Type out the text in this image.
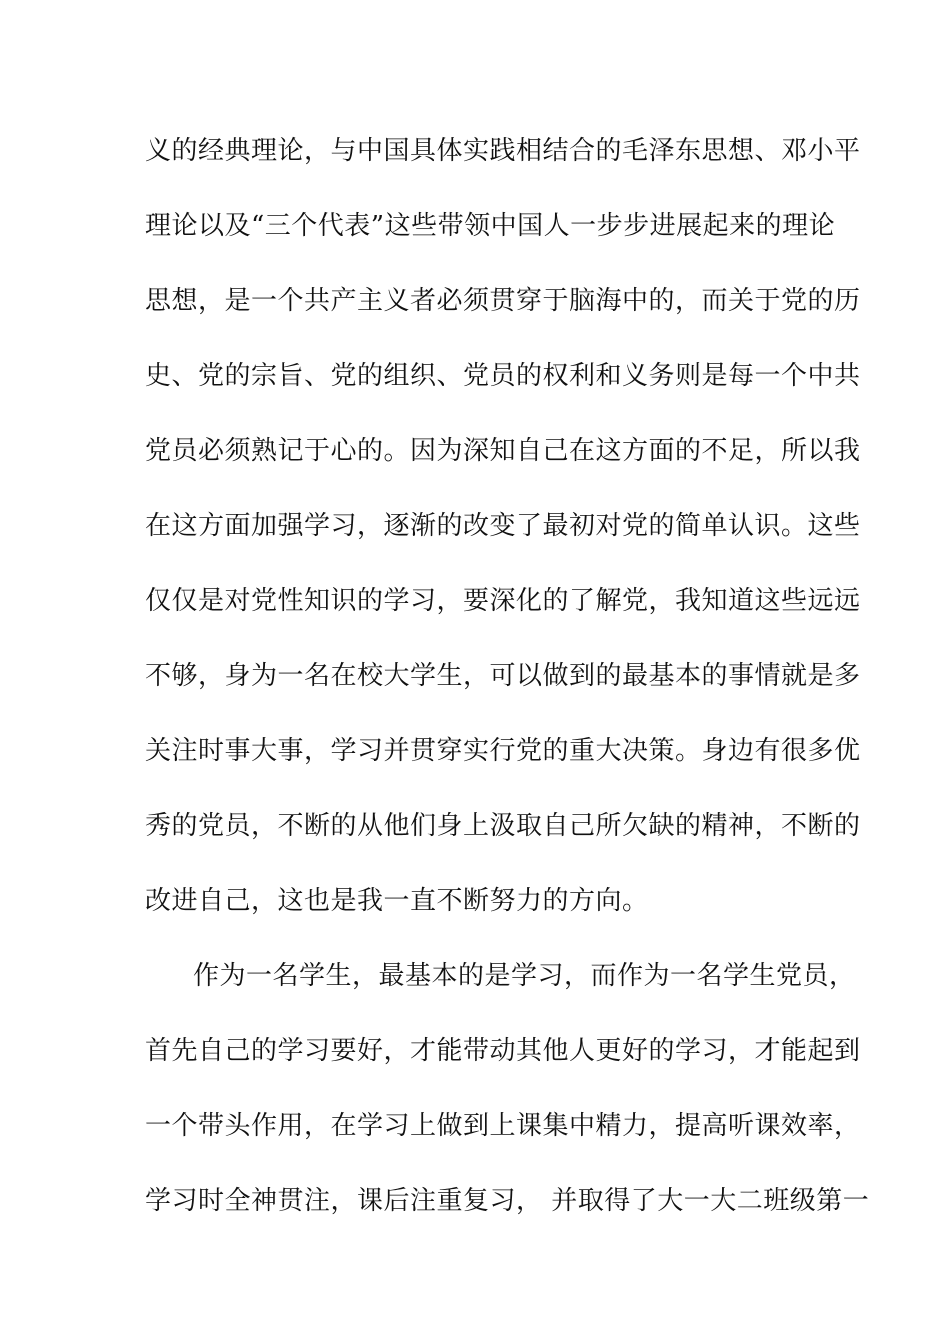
义的经典理论，与中国具体实践相结合的毛泽东思想、邓小平
理论以及“三个代表”这些带领中国人一步步进展起来的理论
思想，是一个共产主义者必须贯穿于脑海中的，而关于党的历
史、党的宗旨、党的组织、党员的权利和义务则是每一个中共
党员必须熟记于心的。因为深知自己在这方面的不足，所以我
在这方面加强学习，逐渐的改变了最初对党的简单认识。这些
仅仅是对党性知识的学习，要深化的了解党，我知道这些远远
不够，身为一名在校大学生，可以做到的最基本的事情就是多
关注时事大事，学习并贯穿实行党的重大决策。身边有很多优
秀的党员，不断的从他们身上汲取自己所欠缺的精神，不断的
改进自己，这也是我一直不断努力的方向。
作为一名学生，最基本的是学习，而作为一名学生党员，
首先自己的学习要好，才能带动其他人更好的学习，才能起到
一个带头作用，在学习上做到上课集中精力，提高听课效率，
学习时全神贯注，课后注重复习， 并取得了大一大二班级第一
